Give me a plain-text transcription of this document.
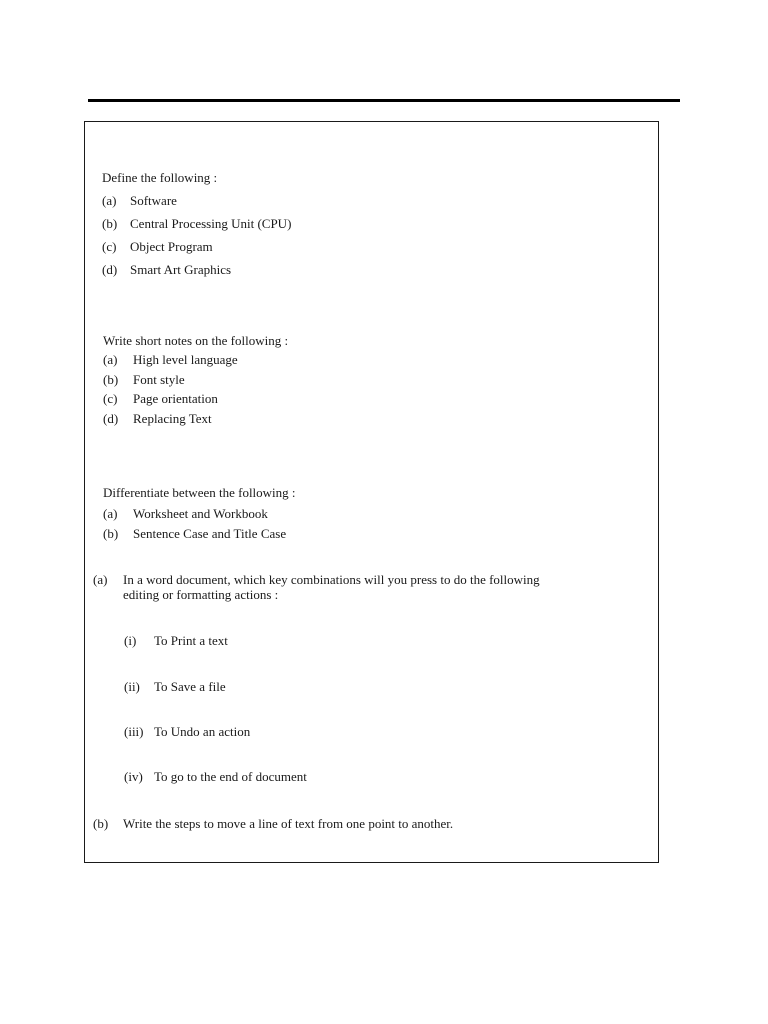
Define the following :
(a) Software
(b) Central Processing Unit (CPU)
(c) Object Program
(d) Smart Art Graphics
Write short notes on the following :
(a) High level language
(b) Font style
(c) Page orientation
(d) Replacing Text
Differentiate between the following :
(a) Worksheet and Workbook
(b) Sentence Case and Title Case
(a) In a word document, which key combinations will you press to do the following
editing or formatting actions :
(i) To Print a text
(ii) To Save a file
(iii) To Undo an action
(iv) To go to the end of document
(b) Write the steps to move a line of text from one point to another.
